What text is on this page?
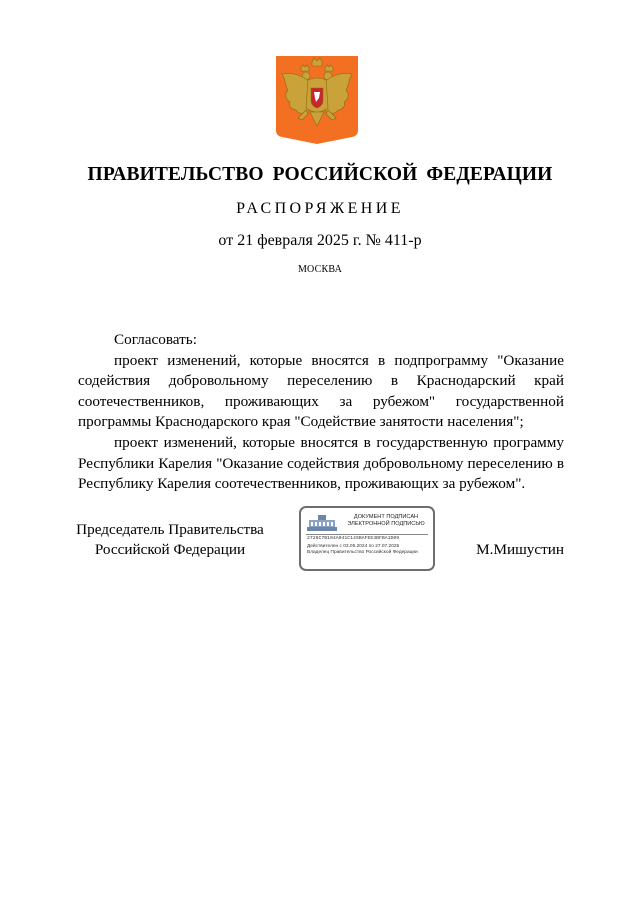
ПРАВИТЕЛЬСТВО РОССИЙСКОЙ ФЕДЕРАЦИИ
РАСПОРЯЖЕНИЕ
от 21 февраля 2025 г. № 411-р
МОСКВА

Согласовать:

проект изменений, которые вносятся в подпрограмму "Оказание содействия добровольному переселению в Краснодарский край соотечественников, проживающих за рубежом" государственной программы Краснодарского края "Содействие занятости населения";

проект изменений, которые вносятся в государственную программу Республики Карелия "Оказание содействия добровольному переселению в Республику Карелия соотечественников, проживающих за рубежом".

Председатель Правительства
Российской Федерации
ДОКУМЕНТ ПОДПИСАН
ЭЛЕКТРОННОЙ ПОДПИСЬЮ
2726C7B104A041C14SBAFEE3BFBA1D09
Действителен с 03.05.2024 по 27.07.2025
Владелец Правительство Российской Федерации	М.Мишустин
